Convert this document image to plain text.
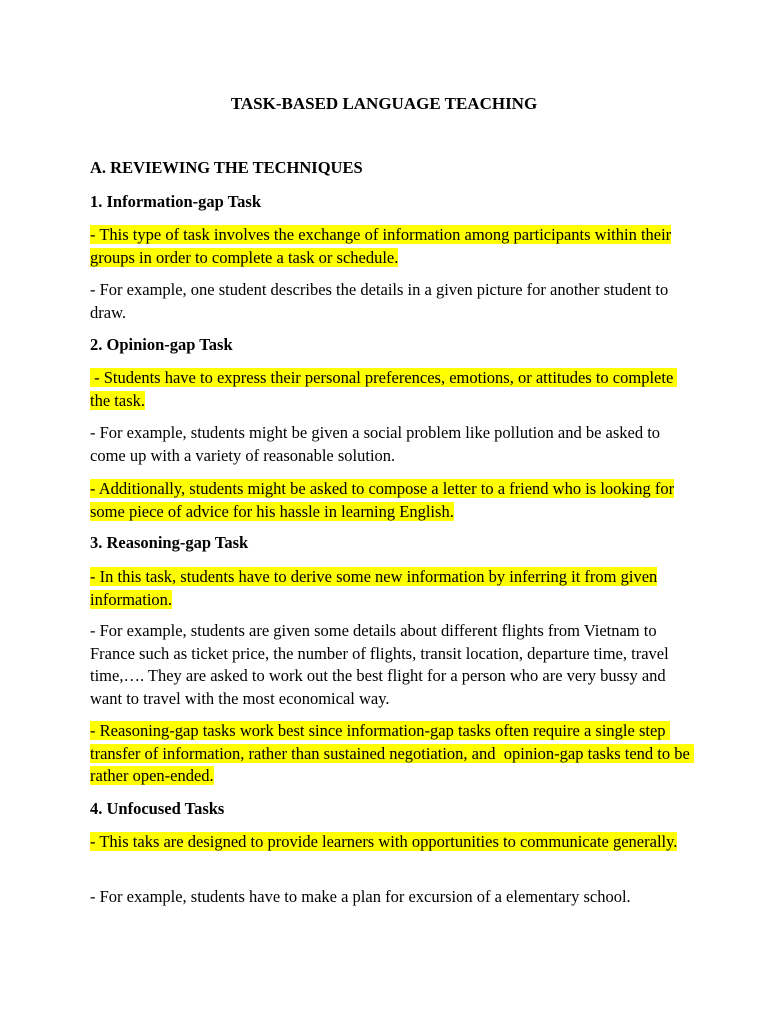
TASK-BASED LANGUAGE TEACHING
A. REVIEWING THE TECHNIQUES
1. Information-gap Task
- This type of task involves the exchange of information among participants within their groups in order to complete a task or schedule.
- For example, one student describes the details in a given picture for another student to draw.
2. Opinion-gap Task
- Students have to express their personal preferences, emotions, or attitudes to complete the task.
- For example, students might be given a social problem like pollution and be asked to come up with a variety of reasonable solution.
- Additionally, students might be asked to compose a letter to a friend who is looking for some piece of advice for his hassle in learning English.
3. Reasoning-gap Task
- In this task, students have to derive some new information by inferring it from given information.
- For example, students are given some details about different flights from Vietnam to France such as ticket price, the number of flights, transit location, departure time, travel time,…. They are asked to work out the best flight for a person who are very bussy and want to travel with the most economical way.
- Reasoning-gap tasks work best since information-gap tasks often require a single step transfer of information, rather than sustained negotiation, and  opinion-gap tasks tend to be rather open-ended.
4. Unfocused Tasks
- This taks are designed to provide learners with opportunities to communicate generally.
- For example, students have to make a plan for excursion of a elementary school.
